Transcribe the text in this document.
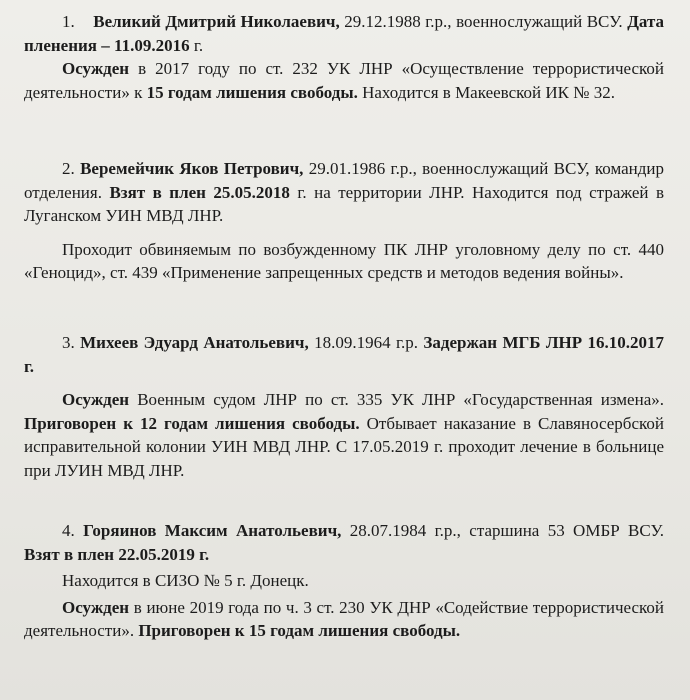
1. Великий Дмитрий Николаевич, 29.12.1988 г.р., военнослужащий ВСУ. Дата пленения – 11.09.2016 г.

Осужден в 2017 году по ст. 232 УК ЛНР «Осуществление террористической деятельности» к 15 годам лишения свободы. Находится в Макеевской ИК № 32.

2. Веремейчик Яков Петрович, 29.01.1986 г.р., военнослужащий ВСУ, командир отделения. Взят в плен 25.05.2018 г. на территории ЛНР. Находится под стражей в Луганском УИН МВД ЛНР.

Проходит обвиняемым по возбужденному ПК ЛНР уголовному делу по ст. 440 «Геноцид», ст. 439 «Применение запрещенных средств и методов ведения войны».

3. Михеев Эдуард Анатольевич, 18.09.1964 г.р. Задержан МГБ ЛНР 16.10.2017 г.

Осужден Военным судом ЛНР по ст. 335 УК ЛНР «Государственная измена». Приговорен к 12 годам лишения свободы. Отбывает наказание в Славяносербской исправительной колонии УИН МВД ЛНР. С 17.05.2019 г. проходит лечение в больнице при ЛУИН МВД ЛНР.

4. Горяинов Максим Анатольевич, 28.07.1984 г.р., старшина 53 ОМБР ВСУ. Взят в плен 22.05.2019 г.

Находится в СИЗО № 5 г. Донецк.

Осужден в июне 2019 года по ч. 3 ст. 230 УК ДНР «Содействие террористической деятельности». Приговорен к 15 годам лишения свободы.
